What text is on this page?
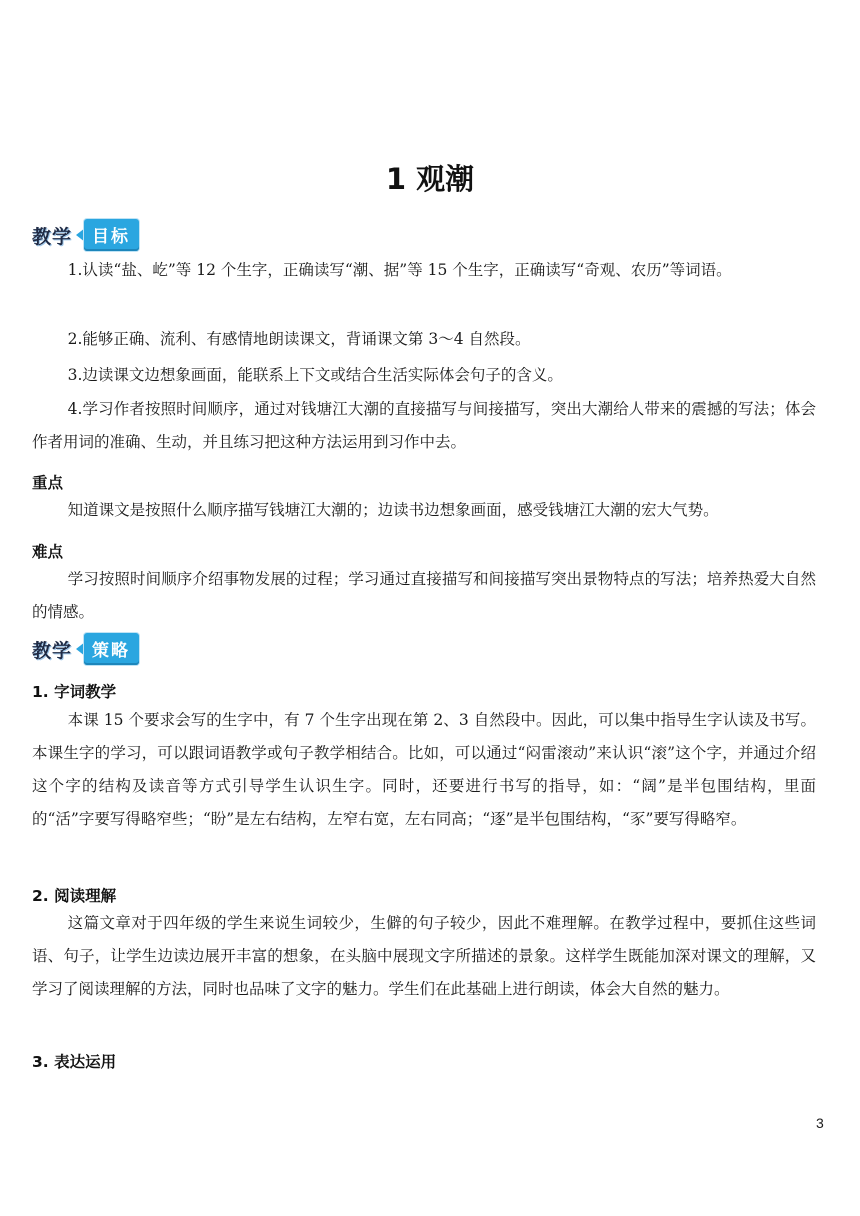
1 观潮
教学	目标

1.认读“盐、屹”等 12 个生字，正确读写“潮、据”等 15 个生字，正确读写“奇观、农历”等词语。

2.能够正确、流利、有感情地朗读课文，背诵课文第 3～4 自然段。

3.边读课文边想象画面，能联系上下文或结合生活实际体会句子的含义。

4.学习作者按照时间顺序，通过对钱塘江大潮的直接描写与间接描写，突出大潮给人带来的震撼的写法；体会作者用词的准确、生动，并且练习把这种方法运用到习作中去。

重点

知道课文是按照什么顺序描写钱塘江大潮的；边读书边想象画面，感受钱塘江大潮的宏大气势。

难点

学习按照时间顺序介绍事物发展的过程；学习通过直接描写和间接描写突出景物特点的写法；培养热爱大自然的情感。

教学	策略
1. 字词教学

本课 15 个要求会写的生字中，有 7 个生字出现在第 2、3 自然段中。因此，可以集中指导生字认读及书写。本课生字的学习，可以跟词语教学或句子教学相结合。比如，可以通过“闷雷滚动”来认识“滚”这个字，并通过介绍这个字的结构及读音等方式引导学生认识生字。同时，还要进行书写的指导，如：“阔”是半包围结构，里面的“活”字要写得略窄些；“盼”是左右结构，左窄右宽，左右同高；“逐”是半包围结构，“豕”要写得略窄。

2. 阅读理解

这篇文章对于四年级的学生来说生词较少，生僻的句子较少，因此不难理解。在教学过程中，要抓住这些词语、句子，让学生边读边展开丰富的想象，在头脑中展现文字所描述的景象。这样学生既能加深对课文的理解，又学习了阅读理解的方法，同时也品味了文字的魅力。学生们在此基础上进行朗读，体会大自然的魅力。

3. 表达运用
3
